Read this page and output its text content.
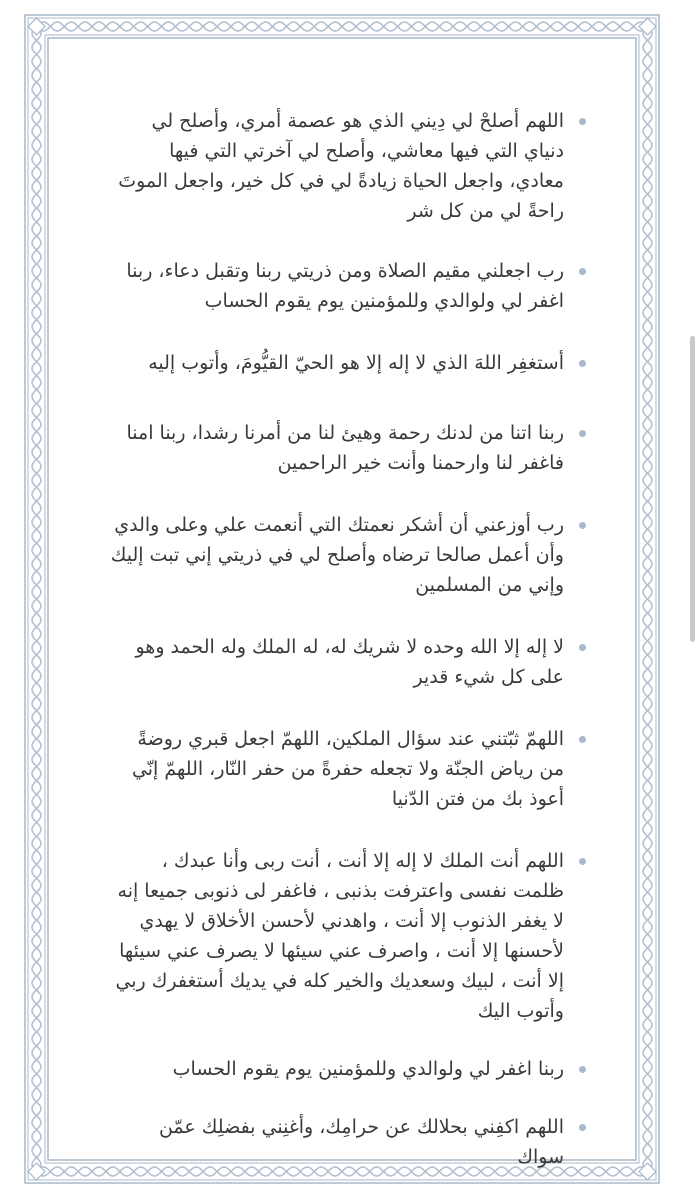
اللهم أصلحْ لي دِيني الذي هو عصمة أمري، وأصلح لي دنياي التي فيها معاشي، وأصلح لي آخرتي التي فيها معادي، واجعل الحياة زيادةً لي في كل خير، واجعل الموتَ راحةً لي من كل شر
رب اجعلني مقيم الصلاة ومن ذريتي ربنا وتقبل دعاء، ربنا اغفر لي ولوالدي وللمؤمنين يوم يقوم الحساب
أستغفِر اللهَ الذي لا إله إلا هو الحيّ القيُّومَ، وأتوب إليه
ربنا اتنا من لدنك رحمة وهيئ لنا من أمرنا رشدا، ربنا امنا فاغفر لنا وارحمنا وأنت خير الراحمين
رب أوزعني أن أشكر نعمتك التي أنعمت علي وعلى والدي وأن أعمل صالحا ترضاه وأصلح لي في ذريتي إني تبت إليك وإني من المسلمين
لا إله إلا الله وحده لا شريك له، له الملك وله الحمد وهو على كل شيء قدير
اللهمّ ثبّتني عند سؤال الملكين، اللهمّ اجعل قبري روضةً من رياض الجنّة ولا تجعله حفرةً من حفر النّار، اللهمّ إنّي أعوذ بك من فتن الدّنيا
اللهم أنت الملك لا إله إلا أنت ، أنت ربى وأنا عبدك ، ظلمت نفسى واعترفت بذنبى ، فاغفر لى ذنوبى جميعا إنه لا يغفر الذنوب إلا أنت ، واهدني لأحسن الأخلاق لا يهدي لأحسنها إلا أنت ، واصرف عني سيئها لا يصرف عني سيئها إلا أنت ، لبيك وسعديك والخير كله في يديك أستغفرك ربي وأتوب اليك
ربنا اغفر لي ولوالدي وللمؤمنين يوم يقوم الحساب
اللهم اكفِني بحلالك عن حرامِك، وأغنِني بفضلِك عمّن سواك
